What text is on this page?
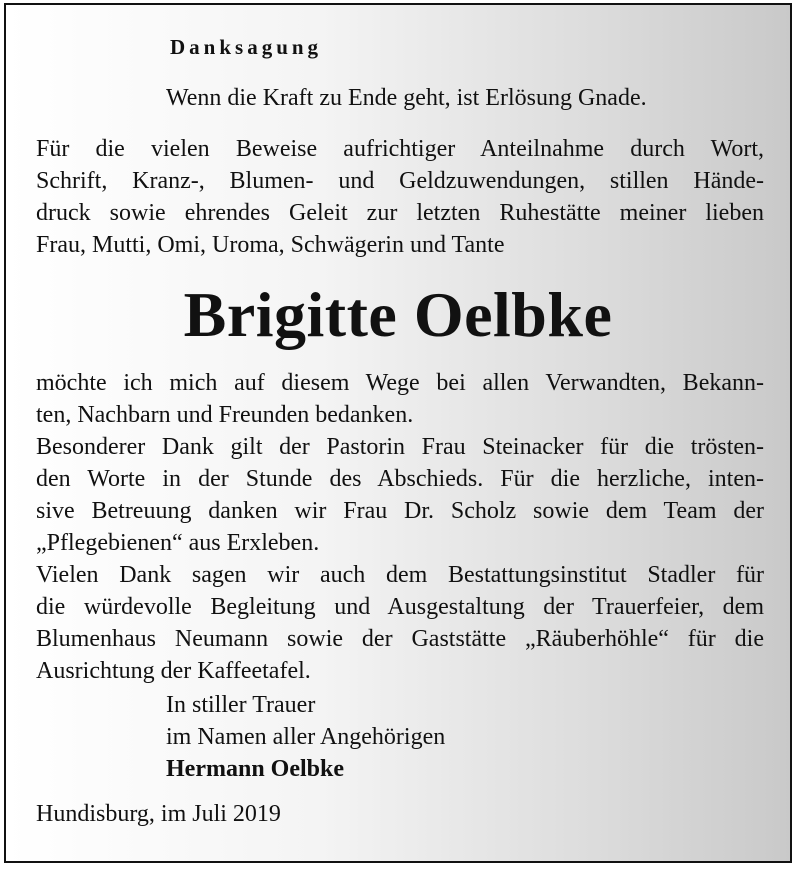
Danksagung

Wenn die Kraft zu Ende geht, ist Erlösung Gnade.

Für die vielen Beweise aufrichtiger Anteilnahme durch Wort,
Schrift, Kranz-, Blumen- und Geldzuwendungen, stillen Hände-
druck sowie ehrendes Geleit zur letzten Ruhestätte meiner lieben
Frau, Mutti, Omi, Uroma, Schwägerin und Tante

Brigitte Oelbke

möchte ich mich auf diesem Wege bei allen Verwandten, Bekann-
ten, Nachbarn und Freunden bedanken.

Besonderer Dank gilt der Pastorin Frau Steinacker für die trösten-
den Worte in der Stunde des Abschieds. Für die herzliche, inten-
sive Betreuung danken wir Frau Dr. Scholz sowie dem Team der
„Pflegebienen“ aus Erxleben.

Vielen Dank sagen wir auch dem Bestattungsinstitut Stadler für
die würdevolle Begleitung und Ausgestaltung der Trauerfeier, dem
Blumenhaus Neumann sowie der Gaststätte „Räuberhöhle“ für die
Ausrichtung der Kaffeetafel.

In stiller Trauer
im Namen aller Angehörigen
Hermann Oelbke

Hundisburg, im Juli 2019
